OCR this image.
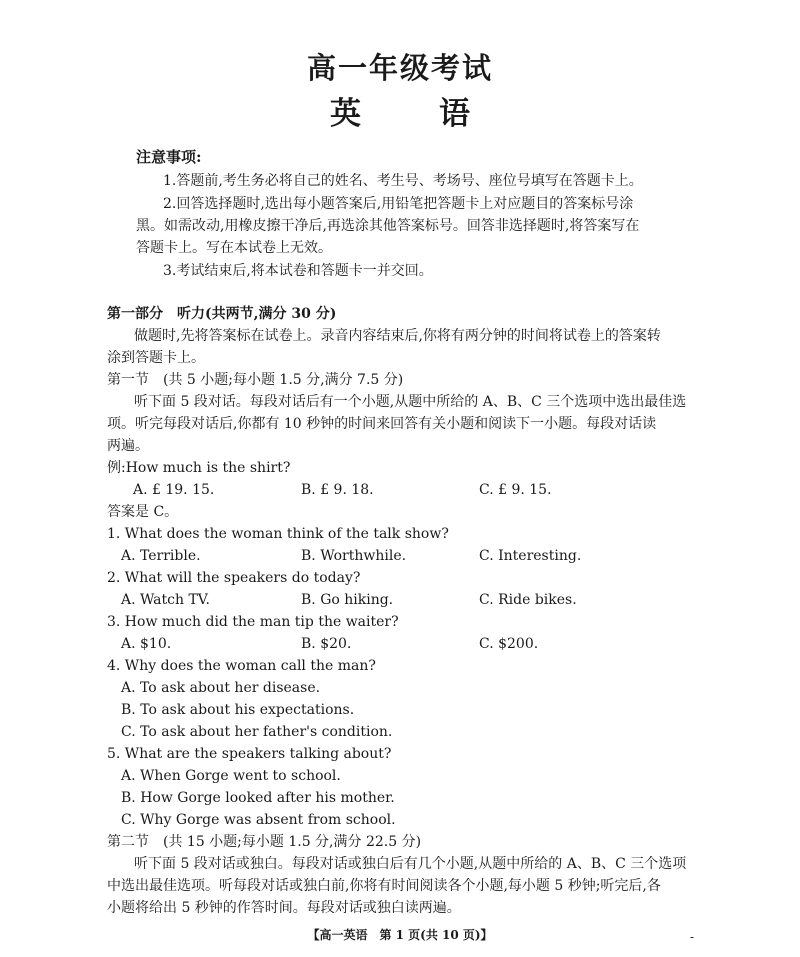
高一年级考试
英	语
注意事项:
1.答题前,考生务必将自己的姓名、考生号、考场号、座位号填写在答题卡上。
2.回答选择题时,选出每小题答案后,用铅笔把答题卡上对应题目的答案标号涂
黑。如需改动,用橡皮擦干净后,再选涂其他答案标号。回答非选择题时,将答案写在
答题卡上。写在本试卷上无效。
3.考试结束后,将本试卷和答题卡一并交回。
第一部分　听力(共两节,满分 30 分)
做题时,先将答案标在试卷上。录音内容结束后,你将有两分钟的时间将试卷上的答案转
涂到答题卡上。
第一节　(共 5 小题;每小题 1.5 分,满分 7.5 分)
听下面 5 段对话。每段对话后有一个小题,从题中所给的 A、B、C 三个选项中选出最佳选
项。听完每段对话后,你都有 10 秒钟的时间来回答有关小题和阅读下一小题。每段对话读
两遍。
例:How much is the shirt?
A. £ 19. 15.	B. £ 9. 18.	C. £ 9. 15.
答案是 C。
1. What does the woman think of the talk show?
A. Terrible.	B. Worthwhile.	C. Interesting.
2. What will the speakers do today?
A. Watch TV.	B. Go hiking.	C. Ride bikes.
3. How much did the man tip the waiter?
A. $10.	B. $20.	C. $200.
4. Why does the woman call the man?
A. To ask about her disease.
B. To ask about his expectations.
C. To ask about her father's condition.
5. What are the speakers talking about?
A. When Gorge went to school.
B. How Gorge looked after his mother.
C. Why Gorge was absent from school.
第二节　(共 15 小题;每小题 1.5 分,满分 22.5 分)
听下面 5 段对话或独白。每段对话或独白后有几个小题,从题中所给的 A、B、C 三个选项
中选出最佳选项。听每段对话或独白前,你将有时间阅读各个小题,每小题 5 秒钟;听完后,各
小题将给出 5 秒钟的作答时间。每段对话或独白读两遍。
【高一英语　第 1 页(共 10 页)】	-
